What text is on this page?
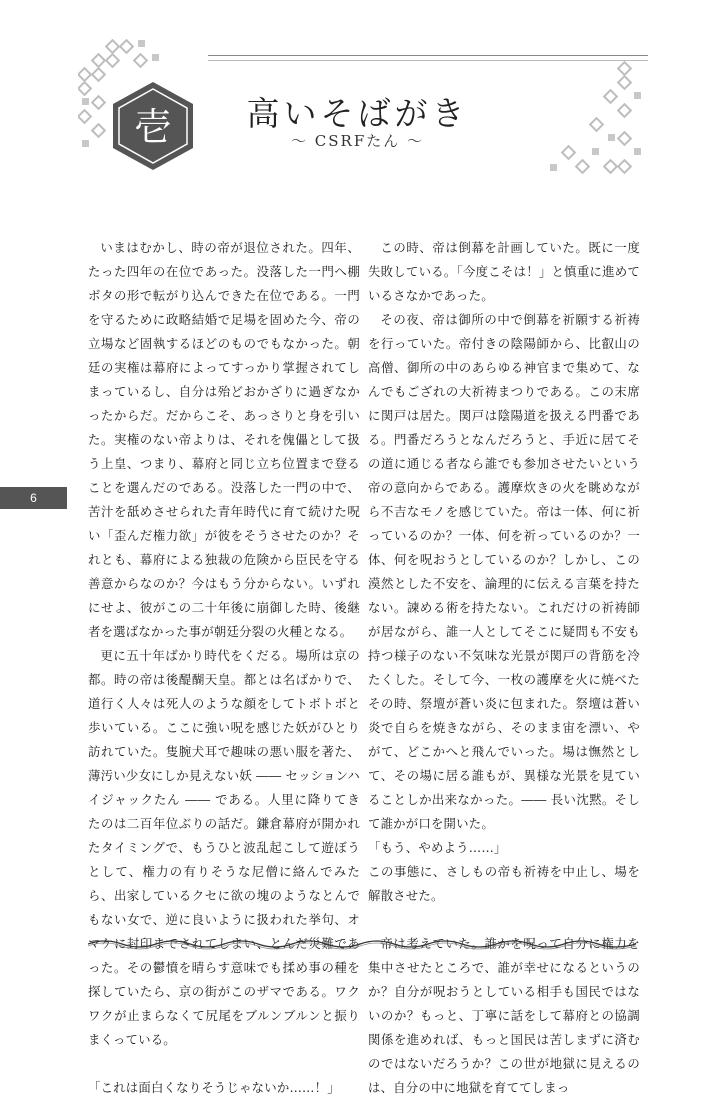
壱	高いそばがき
～ CSRFたん ～

いまはむかし、時の帝が退位された。四年、たった四年の在位であった。没落した一門へ棚ボタの形で転がり込んできた在位である。一門を守るために政略結婚で足場を固めた今、帝の立場など固執するほどのものでもなかった。朝廷の実権は幕府によってすっかり掌握されてしまっているし、自分は殆どおかざりに過ぎなかったからだ。だからこそ、あっさりと身を引いた。実権のない帝よりは、それを傀儡として扱う上皇、つまり、幕府と同じ立ち位置まで登ることを選んだのである。没落した一門の中で、苦汁を舐めさせられた青年時代に育て続けた呪い「歪んだ権力欲」が彼をそうさせたのか？それとも、幕府による独裁の危険から臣民を守る善意からなのか？今はもう分からない。いずれにせよ、彼がこの二十年後に崩御した時、後継者を選ばなかった事が朝廷分裂の火種となる。

更に五十年ばかり時代をくだる。場所は京の都。時の帝は後醍醐天皇。都とは名ばかりで、道行く人々は死人のような顔をしてトボトボと歩いている。ここに強い呪を感じた妖がひとり訪れていた。隻腕犬耳で趣味の悪い服を著た、薄汚い少女にしか見えない妖 ―― セッションハイジャックたん ―― である。人里に降りてきたのは二百年位ぶりの話だ。鎌倉幕府が開かれたタイミングで、もうひと波乱起こして遊ぼうとして、権力の有りそうな尼僧に絡んでみたら、出家しているクセに欲の塊のようなとんでもない女で、逆に良いように扱われた挙句、オマケに封印までされてしまい、とんだ災難であった。その鬱憤を晴らす意味でも揉め事の種を探していたら、京の街がこのザマである。ワクワクが止まらなくて尻尾をブルンブルンと振りまくっている。

「これは面白くなりそうじゃないか……！」

この時、帝は倒幕を計画していた。既に一度失敗している。「今度こそは！」と慎重に進めているさなかであった。

その夜、帝は御所の中で倒幕を祈願する祈祷を行っていた。帝付きの陰陽師から、比叡山の高僧、御所の中のあらゆる神官まで集めて、なんでもござれの大祈祷まつりである。この末席に関戸は居た。関戸は陰陽道を扱える門番である。門番だろうとなんだろうと、手近に居てその道に通じる者なら誰でも参加させたいという帝の意向からである。護摩炊きの火を眺めながら不吉なモノを感じていた。帝は一体、何に祈っているのか？一体、何を祈っているのか？一体、何を呪おうとしているのか？しかし、この漠然とした不安を、論理的に伝える言葉を持たない。諫める術を持たない。これだけの祈祷師が居ながら、誰一人としてそこに疑問も不安も持つ様子のない不気味な光景が関戸の背筋を冷たくした。そして今、一枚の護摩を火に焼べたその時、祭壇が蒼い炎に包まれた。祭壇は蒼い炎で自らを焼きながら、そのまま宙を漂い、やがて、どこかへと飛んでいった。場は憮然として、その場に居る誰もが、異様な光景を見ていることしか出来なかった。―― 長い沈黙。そして誰かが口を開いた。

「もう、やめよう……」

この事態に、さしもの帝も祈祷を中止し、場を解散させた。

帝は考えていた。誰かを呪って自分に権力を集中させたところで、誰が幸せになるというのか？自分が呪おうとしている相手も国民ではないのか？もっと、丁寧に話をして幕府との協調関係を進めれば、もっと国民は苦しまずに済むのではないだろうか？この世が地獄に見えるのは、自分の中に地獄を育ててしまっ

6
